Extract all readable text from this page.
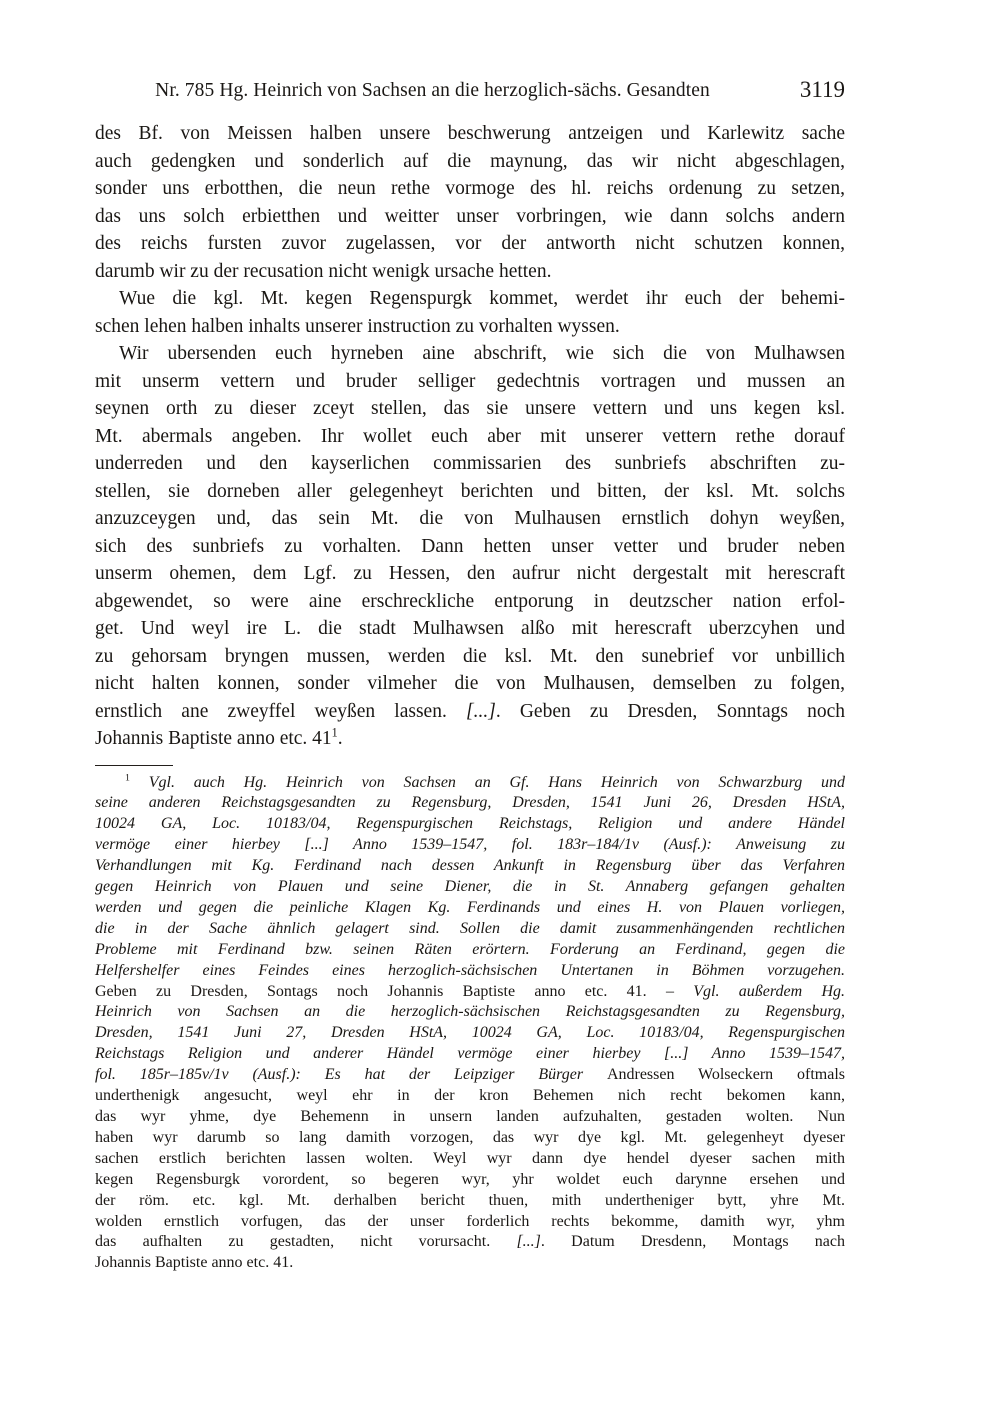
Nr. 785 Hg. Heinrich von Sachsen an die herzoglich-sächs. Gesandten	3119
des Bf. von Meissen halben unsere beschwerung antzeigen und Karlewitz sache
auch gedengken und sonderlich auf die maynung, das wir nicht abgeschlagen,
sonder uns erbotthen, die neun rethe vormoge des hl. reichs ordenung zu setzen,
das uns solch erbietthen und weitter unser vorbringen, wie dann solchs andern
des reichs fursten zuvor zugelassen, vor der antworth nicht schutzen konnen,
darumb wir zu der recusation nicht wenigk ursache hetten.
Wue die kgl. Mt. kegen Regenspurgk kommet, werdet ihr euch der behemi-
schen lehen halben inhalts unserer instruction zu vorhalten wyssen.
Wir ubersenden euch hyrneben aine abschrift, wie sich die von Mulhawsen
mit unserm vettern und bruder selliger gedechtnis vortragen und mussen an
seynen orth zu dieser zceyt stellen, das sie unsere vettern und uns kegen ksl.
Mt. abermals angeben. Ihr wollet euch aber mit unserer vettern rethe dorauf
underreden und den kayserlichen commissarien des sunbriefs abschriften zu-
stellen, sie dorneben aller gelegenheyt berichten und bitten, der ksl. Mt. solchs
anzuzceygen und, das sein Mt. die von Mulhausen ernstlich dohyn weyßen,
sich des sunbriefs zu vorhalten. Dann hetten unser vetter und bruder neben
unserm ohemen, dem Lgf. zu Hessen, den aufrur nicht dergestalt mit herescraft
abgewendet, so were aine erschreckliche entporung in deutzscher nation erfol-
get. Und weyl ire L. die stadt Mulhawsen alßo mit herescraft uberzcyhen und
zu gehorsam bryngen mussen, werden die ksl. Mt. den sunebrief vor unbillich
nicht halten konnen, sonder vilmeher die von Mulhausen, demselben zu folgen,
ernstlich ane zweyffel weyßen lassen. [...]. Geben zu Dresden, Sonntags noch
Johannis Baptiste anno etc. $41^1$.
$^1$ Vgl. auch Hg. Heinrich von Sachsen an Gf. Hans Heinrich von Schwarzburg und
seine anderen Reichstagsgesandten zu Regensburg, Dresden, 1541 Juni 26, Dresden HStA,
10024 GA, Loc. 10183/04, Regenspurgischen Reichstags, Religion und andere Händel
vermöge einer hierbey [...] Anno 1539–1547, fol. 183r–184/1v (Ausf.): Anweisung zu
Verhandlungen mit Kg. Ferdinand nach dessen Ankunft in Regensburg über das Verfahren
gegen Heinrich von Plauen und seine Diener, die in St. Annaberg gefangen gehalten
werden und gegen die peinliche Klagen Kg. Ferdinands und eines H. von Plauen vorliegen,
die in der Sache ähnlich gelagert sind. Sollen die damit zusammenhängenden rechtlichen
Probleme mit Ferdinand bzw. seinen Räten erörtern. Forderung an Ferdinand, gegen die
Helfershelfer eines Feindes eines herzoglich-sächsischen Untertanen in Böhmen vorzugehen.
Geben zu Dresden, Sontags noch Johannis Baptiste anno etc. 41. – Vgl. außerdem Hg.
Heinrich von Sachsen an die herzoglich-sächsischen Reichstagsgesandten zu Regensburg,
Dresden, 1541 Juni 27, Dresden HStA, 10024 GA, Loc. 10183/04, Regenspurgischen
Reichstags Religion und anderer Händel vermöge einer hierbey [...] Anno 1539–1547,
fol. 185r–185v/1v (Ausf.): Es hat der Leipziger Bürger Andressen Wolseckern oftmals
underthenigk angesucht, weyl ehr in der kron Behemen nich recht bekomen kann,
das wyr yhme, dye Behemenn in unsern landen aufzuhalten, gestaden wolten. Nun
haben wyr darumb so lang damith vorzogen, das wyr dye kgl. Mt. gelegenheyt dyeser
sachen erstlich berichten lassen wolten. Weyl wyr dann dye hendel dyeser sachen mith
kegen Regensburgk vorordent, so begeren wyr, yhr woldet euch darynne ersehen und
der röm. etc. kgl. Mt. derhalben bericht thuen, mith undertheniger bytt, yhre Mt.
wolden ernstlich vorfugen, das der unser forderlich rechts bekomme, damith wyr, yhm
das aufhalten zu gestadten, nicht vorursacht. [...]. Datum Dresdenn, Montags nach
Johannis Baptiste anno etc. 41.
